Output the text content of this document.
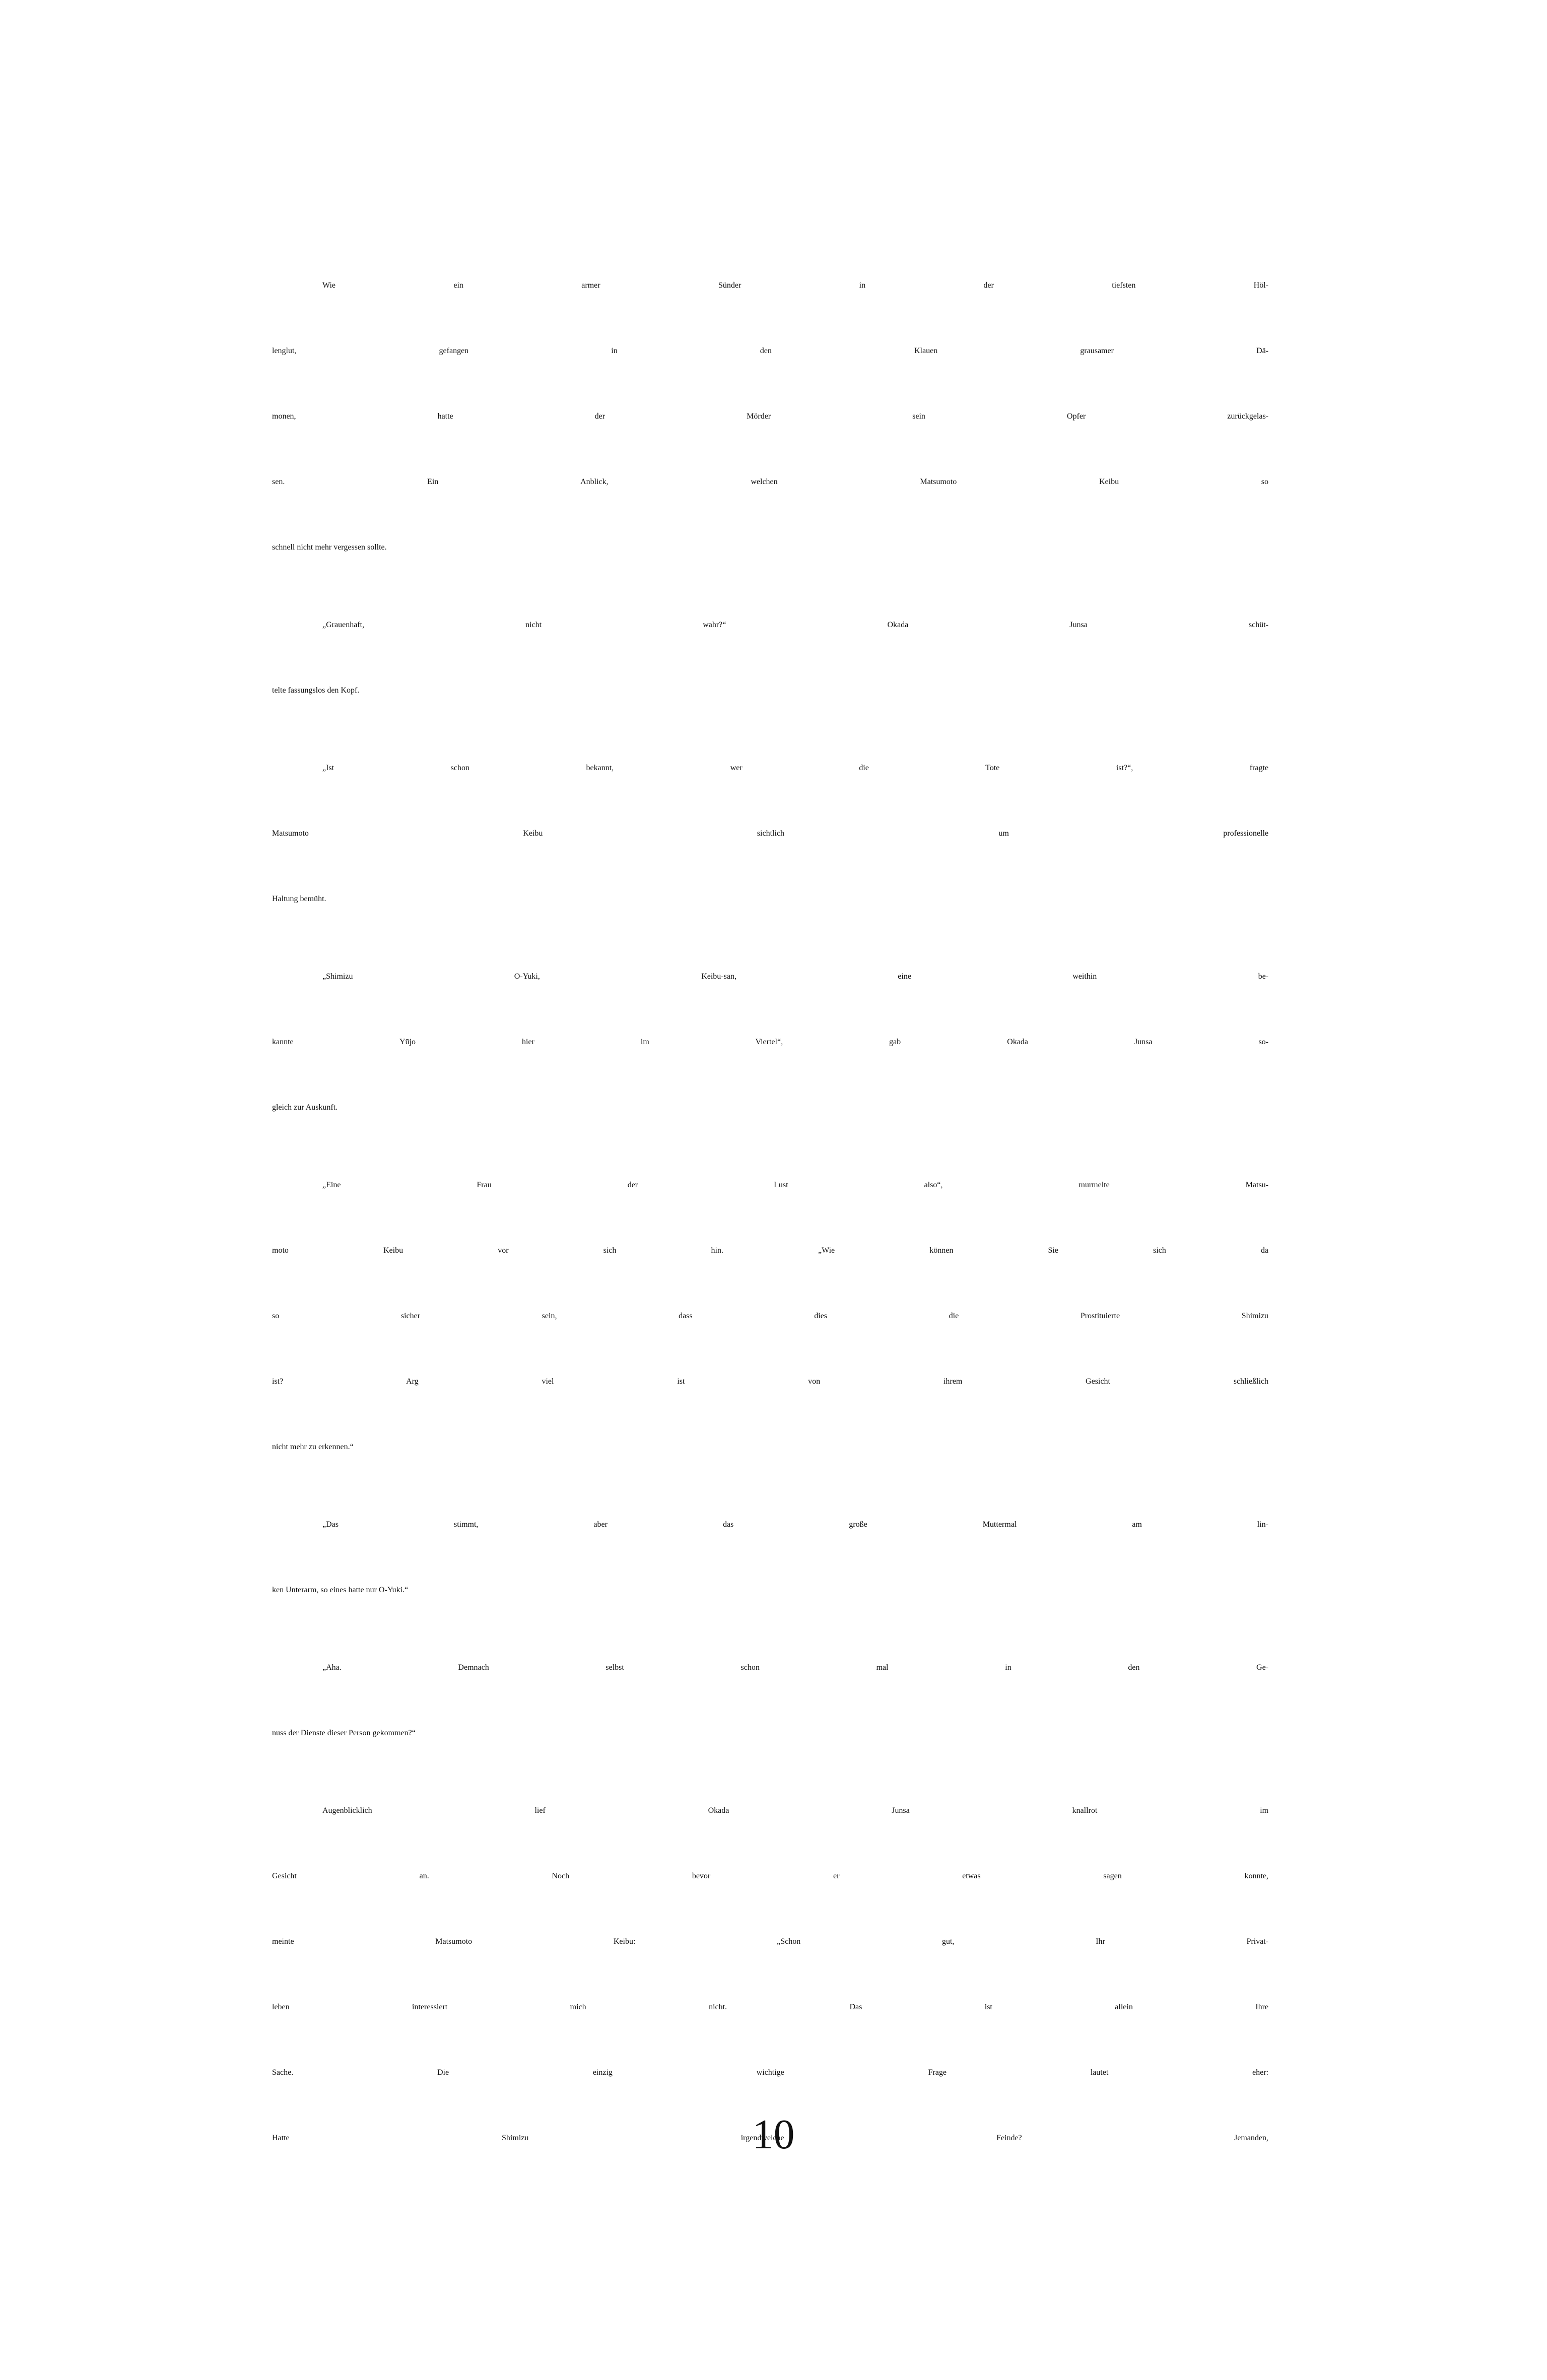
Wie ein armer Sünder in der tiefsten Höl-
lenglut, gefangen in den Klauen grausamer Dä-
monen, hatte der Mörder sein Opfer zurückgelas-
sen. Ein Anblick, welchen Matsumoto Keibu so
schnell nicht mehr vergessen sollte.
„Grauenhaft, nicht wahr?“ Okada Junsa schüt-
telte fassungslos den Kopf.
„Ist schon bekannt, wer die Tote ist?“, fragte
Matsumoto Keibu sichtlich um professionelle
Haltung bemüht.
„Shimizu O-Yuki, Keibu-san, eine weithin be-
kannte Yūjo hier im Viertel“, gab Okada Junsa so-
gleich zur Auskunft.
„Eine Frau der Lust also“, murmelte Matsu-
moto Keibu vor sich hin. „Wie können Sie sich da
so sicher sein, dass dies die Prostituierte Shimizu
ist? Arg viel ist von ihrem Gesicht schließlich
nicht mehr zu erkennen.“
„Das stimmt, aber das große Muttermal am lin-
ken Unterarm, so eines hatte nur O-Yuki.“
„Aha. Demnach selbst schon mal in den Ge-
nuss der Dienste dieser Person gekommen?“
Augenblicklich lief Okada Junsa knallrot im
Gesicht an. Noch bevor er etwas sagen konnte,
meinte Matsumoto Keibu: „Schon gut, Ihr Privat-
leben interessiert mich nicht. Das ist allein Ihre
Sache. Die einzig wichtige Frage lautet eher:
Hatte Shimizu irgendwelche Feinde? Jemanden,
10
